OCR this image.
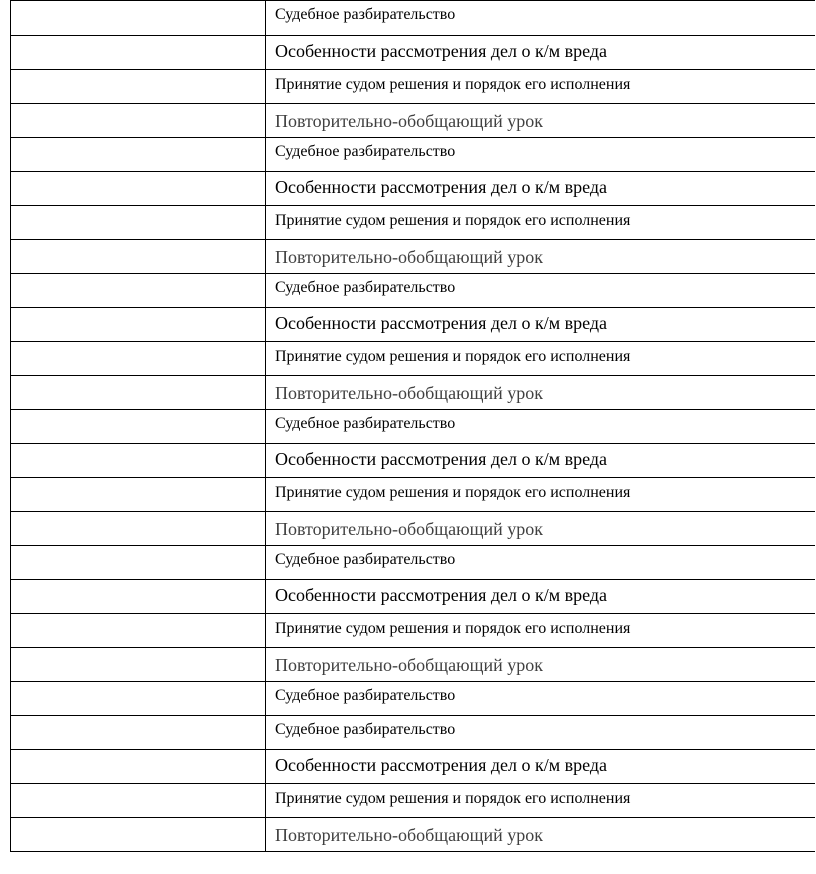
	Судебное разбирательство
	Особенности рассмотрения дел о к/м вреда
	Принятие судом решения и порядок его исполнения
	Повторительно-обобщающий урок
	Судебное разбирательство
	Особенности рассмотрения дел о к/м вреда
	Принятие судом решения и порядок его исполнения
	Повторительно-обобщающий урок
	Судебное разбирательство
	Особенности рассмотрения дел о к/м вреда
	Принятие судом решения и порядок его исполнения
	Повторительно-обобщающий урок
	Судебное разбирательство
	Особенности рассмотрения дел о к/м вреда
	Принятие судом решения и порядок его исполнения
	Повторительно-обобщающий урок
	Судебное разбирательство
	Особенности рассмотрения дел о к/м вреда
	Принятие судом решения и порядок его исполнения
	Повторительно-обобщающий урок
	Судебное разбирательство
	Судебное разбирательство
	Особенности рассмотрения дел о к/м вреда
	Принятие судом решения и порядок его исполнения
	Повторительно-обобщающий урок
